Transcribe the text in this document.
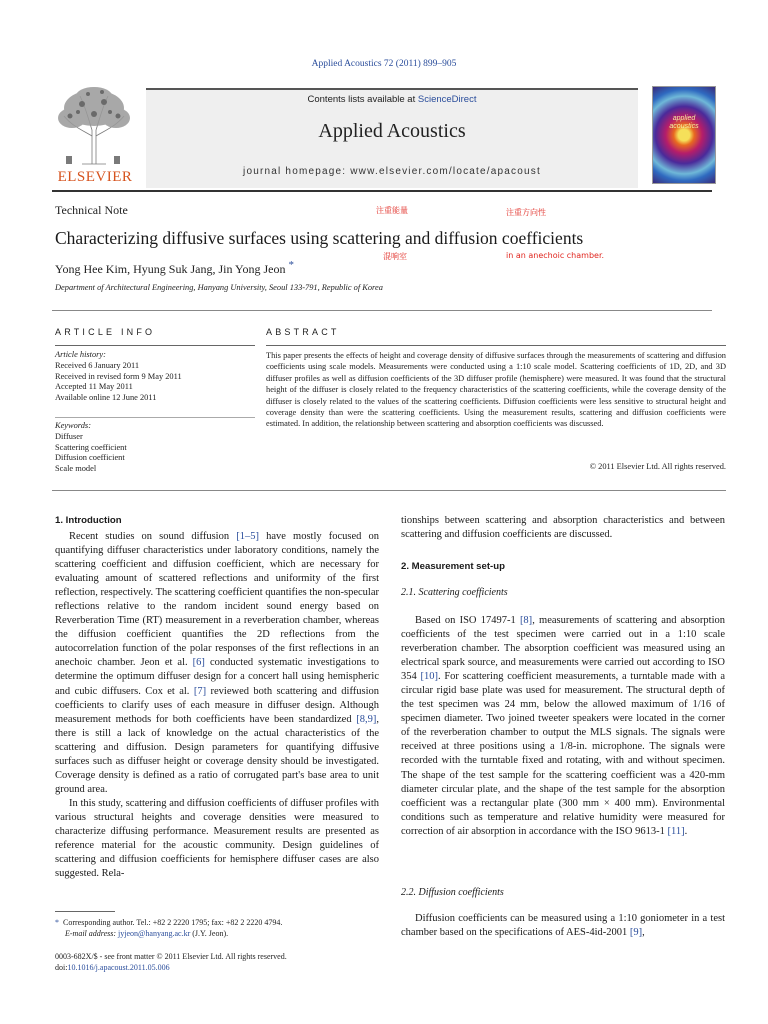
Applied Acoustics 72 (2011) 899–905
ELSEVIER
Contents lists available at ScienceDirect
Applied Acoustics
journal homepage: www.elsevier.com/locate/apacoust
applied acoustics
Technical Note	注重能量	注重方向性
Characterizing diffusive surfaces using scattering and diffusion coefficients
混响室	in an anechoic chamber.
Yong Hee Kim, Hyung Suk Jang, Jin Yong Jeon *
Department of Architectural Engineering, Hanyang University, Seoul 133-791, Republic of Korea
ARTICLE INFO
Article history:
Received 6 January 2011
Received in revised form 9 May 2011
Accepted 11 May 2011
Available online 12 June 2011
Keywords:
Diffuser
Scattering coefficient
Diffusion coefficient
Scale model
ABSTRACT
This paper presents the effects of height and coverage density of diffusive surfaces through the measurements of scattering and diffusion coefficients using scale models. Measurements were conducted using a 1:10 scale model. Scattering coefficients of 1D, 2D, and 3D diffuser profiles as well as diffusion coefficients of the 3D diffuser profile (hemisphere) were measured. It was found that the structural height of the diffuser is closely related to the frequency characteristics of the scattering coefficients, while the coverage density of the diffuser is closely related to the values of the scattering coefficients. Diffusion coefficients were less sensitive to structural height and coverage density than were the scattering coefficients. Using the measurement results, scattering and diffusion coefficients were estimated. In addition, the relationship between scattering and absorption coefficients was discussed.
© 2011 Elsevier Ltd. All rights reserved.
1. Introduction

Recent studies on sound diffusion [1–5] have mostly focused on quantifying diffuser characteristics under laboratory conditions, namely the scattering coefficient and diffusion coefficient, which are necessary for evaluating amount of scattered reflections and uniformity of the first reflection, respectively. The scattering coefficient quantifies the non-specular reflections relative to the random incident sound energy based on Reverberation Time (RT) measurement in a reverberation chamber, whereas the diffusion coefficient quantifies the 2D reflections from the autocorrelation function of the polar responses of the first reflections in an anechoic chamber. Jeon et al. [6] conducted systematic investigations to determine the optimum diffuser design for a concert hall using hemispheric and cubic diffusers. Cox et al. [7] reviewed both scattering and diffusion coefficients to clarify uses of each measure in diffuser design. Although measurement methods for both coefficients have been standardized [8,9], there is still a lack of knowledge on the actual characteristics of the scattering and diffusion. Design parameters for quantifying diffusive surfaces such as diffuser height or coverage density should be investigated. Coverage density is defined as a ratio of corrugated part's base area to unit ground area.

In this study, scattering and diffusion coefficients of diffuser profiles with various structural heights and coverage densities were measured to characterize diffusing performance. Measurement results are presented as reference material for the acoustic community. Design guidelines of scattering and diffusion coefficients for hemisphere diffuser cases are also suggested. Rela-

tionships between scattering and absorption characteristics and between scattering and diffusion coefficients are discussed.

2. Measurement set-up
2.1. Scattering coefficients

Based on ISO 17497-1 [8], measurements of scattering and absorption coefficients of the test specimen were carried out in a 1:10 scale reverberation chamber. The absorption coefficient was measured using an electrical spark source, and measurements were carried out according to ISO 354 [10]. For scattering coefficient measurements, a turntable made with a circular rigid base plate was used for measurement. The structural depth of the test specimen was 24 mm, below the allowed maximum of 1/16 of specimen diameter. Two joined tweeter speakers were located in the corner of the reverberation chamber to output the MLS signals. The signals were received at three positions using a 1/8-in. microphone. The signals were recorded with the turntable fixed and rotating, with and without specimen. The shape of the test sample for the scattering coefficient was a 420-mm diameter circular plate, and the shape of the test sample for the absorption coefficient was a rectangular plate (300 mm × 400 mm). Environmental conditions such as temperature and relative humidity were measured for correction of air absorption in accordance with the ISO 9613-1 [11].

2.2. Diffusion coefficients

Diffusion coefficients can be measured using a 1:10 goniometer in a test chamber based on the specifications of AES-4id-2001 [9],

* Corresponding author. Tel.: +82 2 2220 1795; fax: +82 2 2220 4794.
E-mail address: jyjeon@hanyang.ac.kr (J.Y. Jeon).
0003-682X/$ - see front matter © 2011 Elsevier Ltd. All rights reserved.
doi:10.1016/j.apacoust.2011.05.006
